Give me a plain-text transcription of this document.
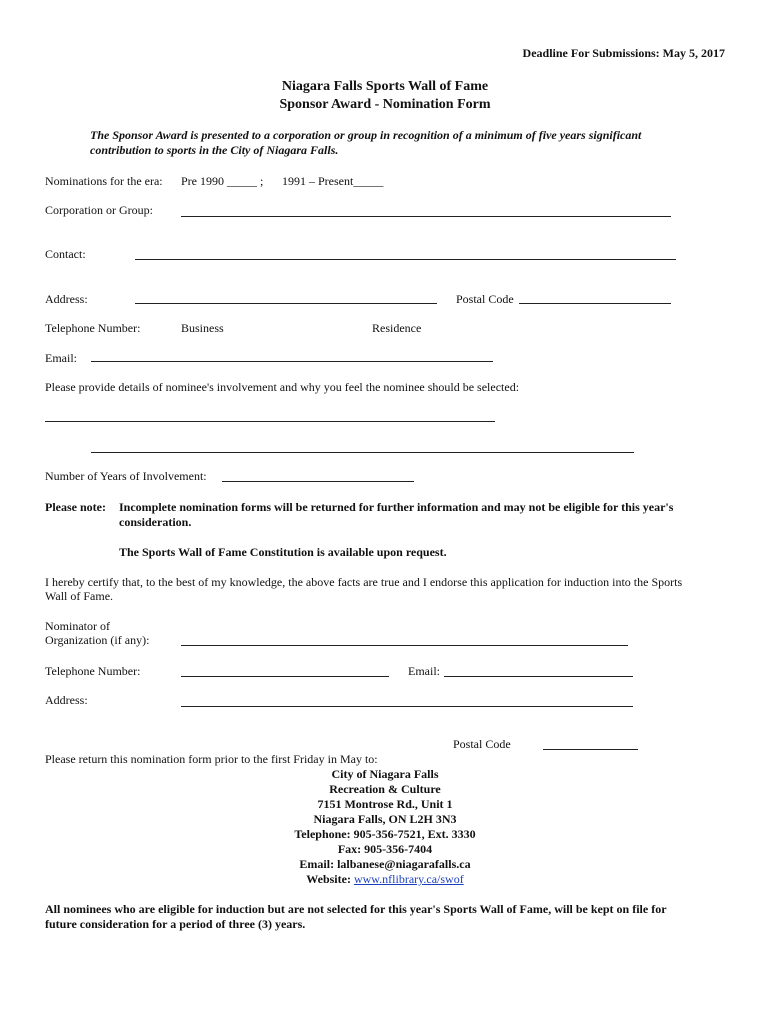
Deadline For Submissions: May 5, 2017
Niagara Falls Sports Wall of Fame
Sponsor Award - Nomination Form
The Sponsor Award is presented to a corporation or group in recognition of a minimum of five years significant
contribution to sports in the City of Niagara Falls.
Nominations for the era: Pre 1990 _____ ; 1991 – Present_____
Corporation or Group:
Contact:
Address:	Postal Code
Telephone Number:	Business	Residence
Email:
Please provide details of nominee's involvement and why you feel the nominee should be selected:
Number of Years of Involvement:
Please note: Incomplete nomination forms will be returned for further information and may not be eligible for this year's
consideration.
The Sports Wall of Fame Constitution is available upon request.
I hereby certify that, to the best of my knowledge, the above facts are true and I endorse this application for induction into the Sports
Wall of Fame.
Nominator of
Organization (if any):
Telephone Number:	Email:
Address:
Postal Code
Please return this nomination form prior to the first Friday in May to:
City of Niagara Falls
Recreation & Culture
7151 Montrose Rd., Unit 1
Niagara Falls, ON L2H 3N3
Telephone: 905-356-7521, Ext. 3330
Fax: 905-356-7404
Email: lalbanese@niagarafalls.ca
Website: www.nflibrary.ca/swof
All nominees who are eligible for induction but are not selected for this year's Sports Wall of Fame, will be kept on file for
future consideration for a period of three (3) years.
